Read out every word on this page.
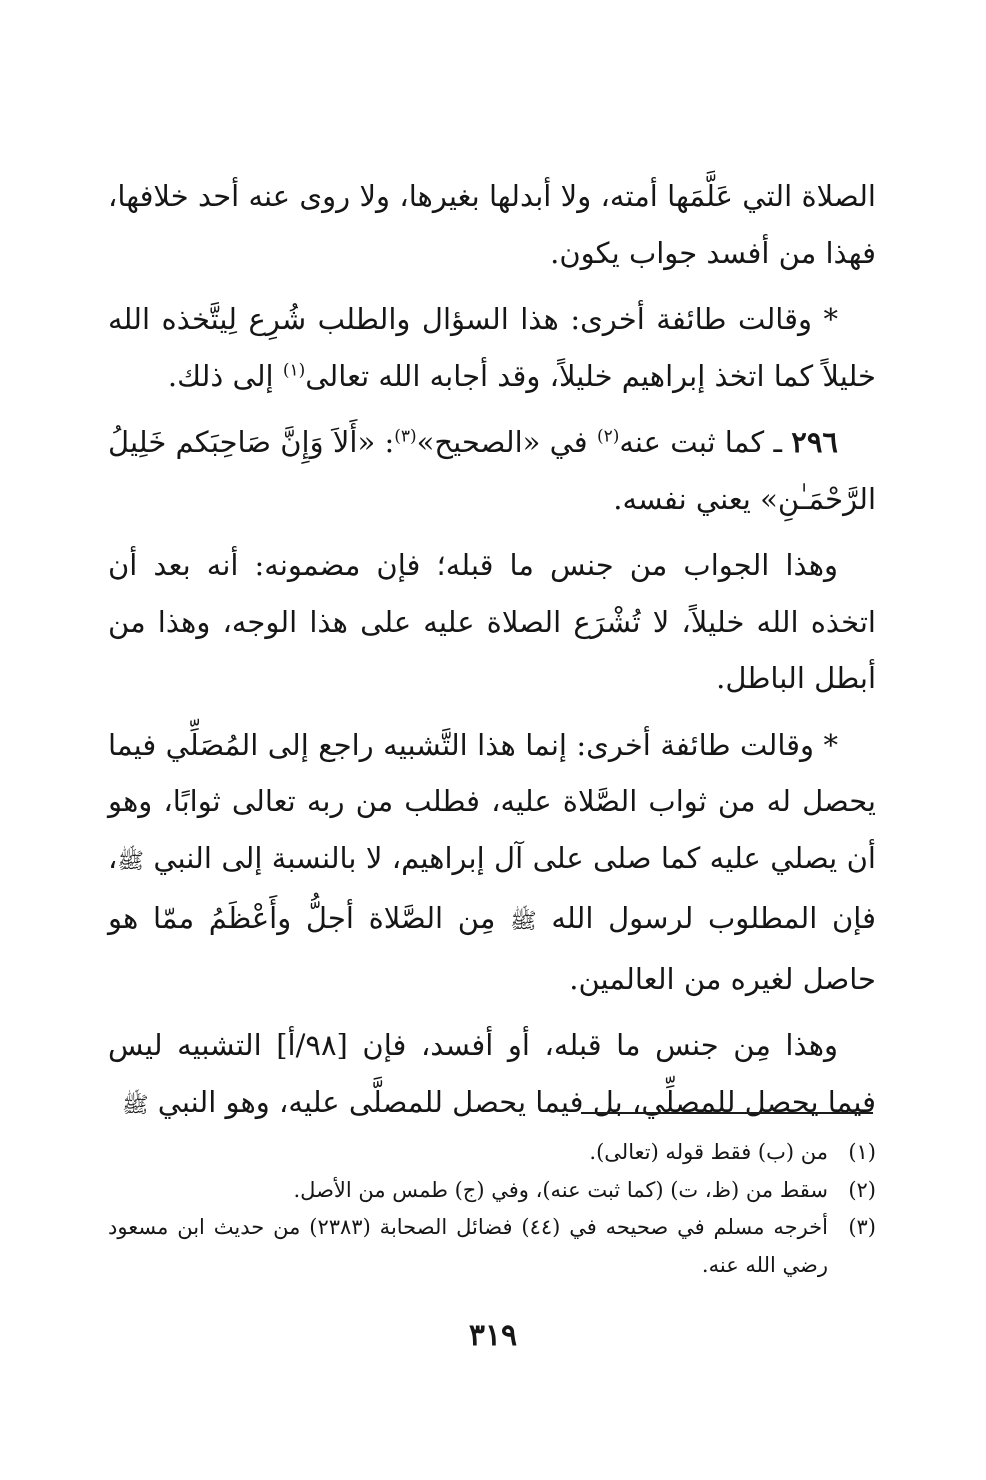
الصلاة التي عَلَّمَها أمته، ولا أبدلها بغيرها، ولا روى عنه أحد خلافها، فهذا من أفسد جواب يكون.

* وقالت طائفة أخرى: هذا السؤال والطلب شُرِع لِيتَّخذه الله خليلاً كما اتخذ إبراهيم خليلاً، وقد أجابه الله تعالى$^{(١)}$ إلى ذلك.

٢٩٦ ـ كما ثبت عنه$^{(٢)}$ في «الصحيح»$^{(٣)}$: «أَلاَ وَإِنَّ صَاحِبَكم خَلِيلُ الرَّحْمَـٰنِ» يعني نفسه.

وهذا الجواب من جنس ما قبله؛ فإن مضمونه: أنه بعد أن اتخذه الله خليلاً، لا تُشْرَع الصلاة عليه على هذا الوجه، وهذا من أبطل الباطل.

* وقالت طائفة أخرى: إنما هذا التَّشبيه راجع إلى المُصَلِّي فيما يحصل له من ثواب الصَّلاة عليه، فطلب من ربه تعالى ثوابًا، وهو أن يصلي عليه كما صلى على آل إبراهيم، لا بالنسبة إلى النبي ﷺ، فإن المطلوب لرسول الله ﷺ مِن الصَّلاة أجلُّ وأَعْظَمُ ممّا هو حاصل لغيره من العالمين.

وهذا مِن جنس ما قبله، أو أفسد، فإن [٩٨/أ] التشبيه ليس فيما يحصل للمصلِّي، بل فيما يحصل للمصلَّى عليه، وهو النبي ﷺ

(١)
من (ب) فقط قوله (تعالى).
(٢)
سقط من (ظ، ت) (كما ثبت عنه)، وفي (ج) طمس من الأصل.
(٣)
أخرجه مسلم في صحيحه في (٤٤) فضائل الصحابة (٢٣٨٣) من حديث ابن مسعود رضي الله عنه.
٣١٩
